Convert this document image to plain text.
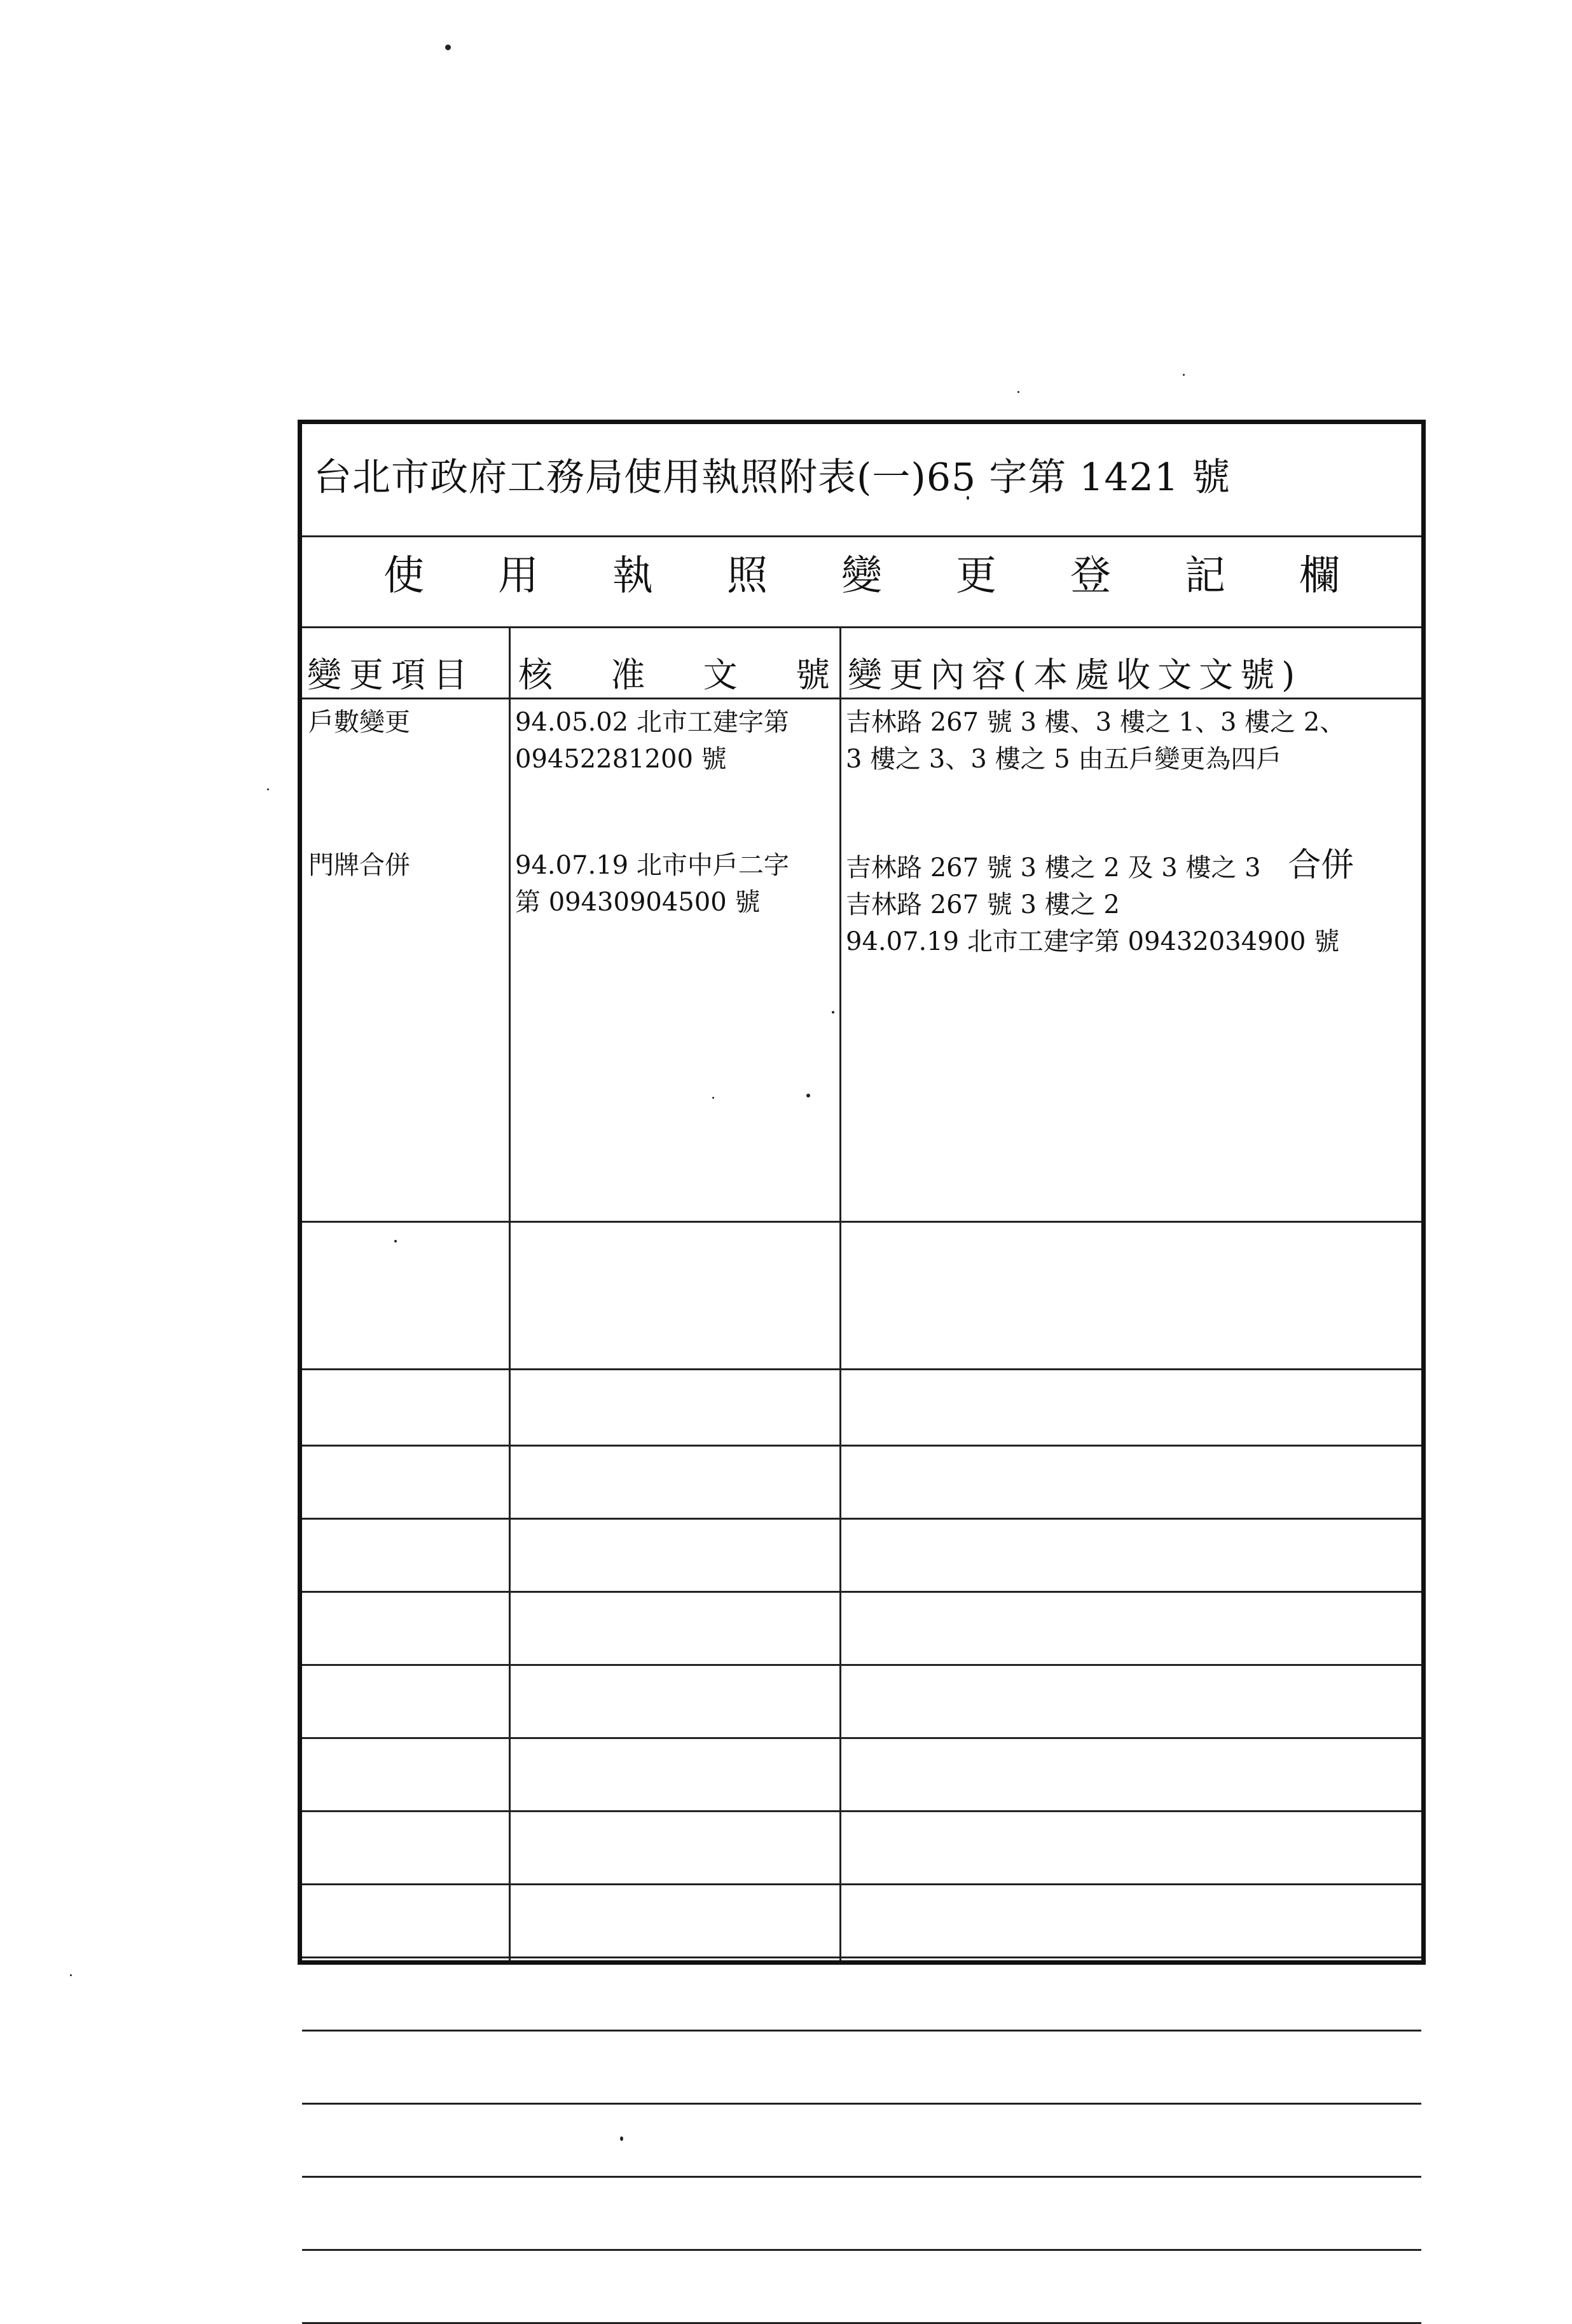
台北市政府工務局使用執照附表(一)65 字第 1421 號
使 用 執 照 變 更 登 記 欄
變更項目 核 准 文 號 變更內容(本處收文文號)
戶數變更	94.05.02 北市工建字第
09452281200 號
吉林路 267 號 3 樓、3 樓之 1、3 樓之 2、
3 樓之 3、3 樓之 5 由五戶變更為四戶
門牌合併	94.07.19 北市中戶二字
第 09430904500 號
吉林路 267 號 3 樓之 2 及 3 樓之 3 合併
吉林路 267 號 3 樓之 2
94.07.19 北市工建字第 09432034900 號
